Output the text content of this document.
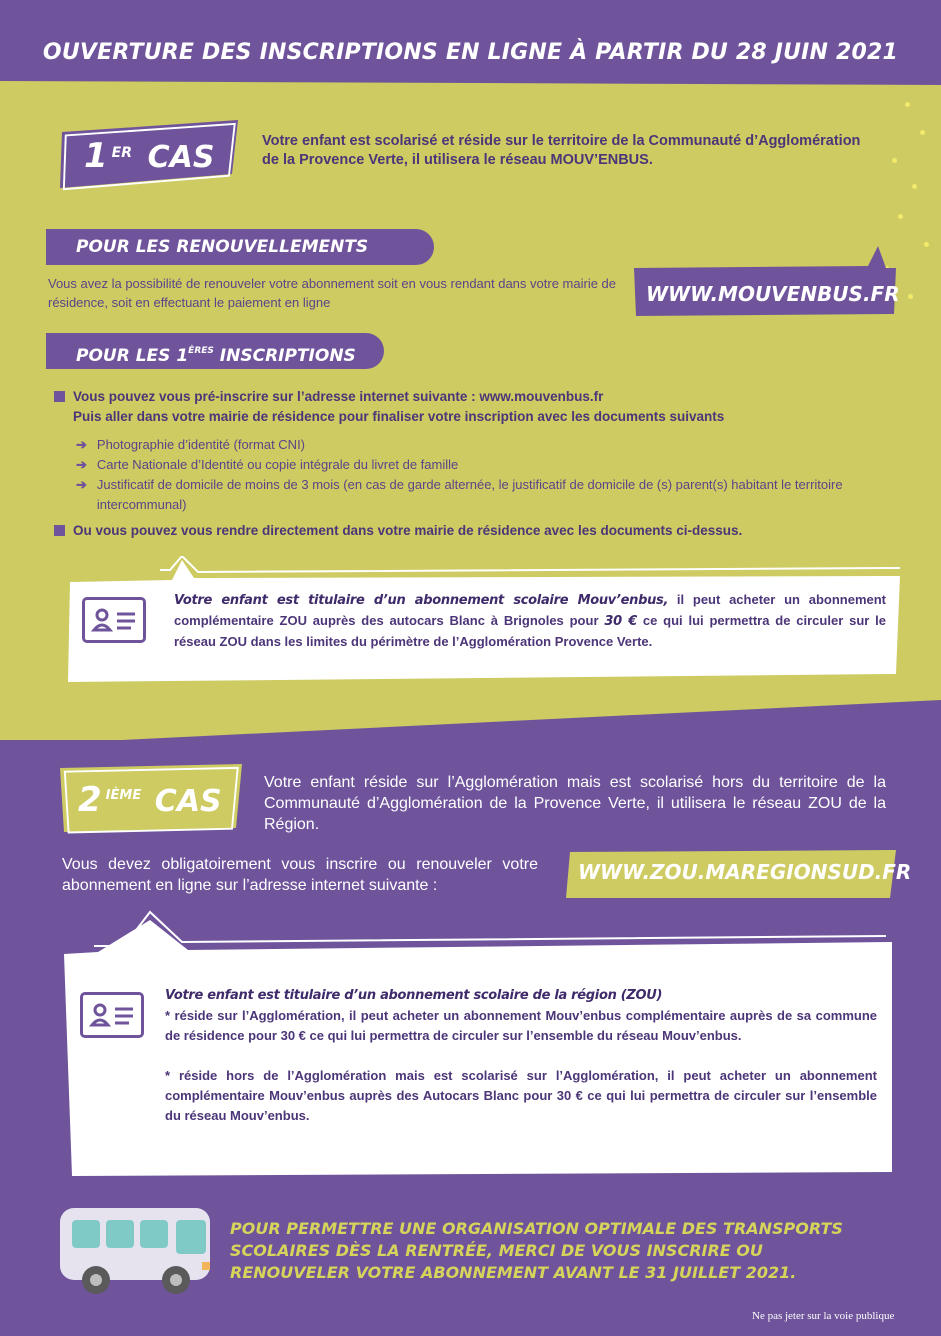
OUVERTURE DES INSCRIPTIONS EN LIGNE À PARTIR DU 28 JUIN 2021
1 ER CAS	Votre enfant est scolarisé et réside sur le territoire de la Communauté d’Agglomération de la Provence Verte, il utilisera le réseau MOUV’ENBUS.
POUR LES RENOUVELLEMENTS
Vous avez la possibilité de renouveler votre abonnement soit en vous rendant dans votre mairie de résidence, soit en effectuant le paiement en ligne	WWW.MOUVENBUS.FR
POUR LES 1ÈRES INSCRIPTIONS
Vous pouvez vous pré-inscrire sur l’adresse internet suivante : www.mouvenbus.fr
Puis aller dans votre mairie de résidence pour finaliser votre inscription avec les documents suivants
➔ Photographie d’identité (format CNI)
➔ Carte Nationale d’Identité ou copie intégrale du livret de famille
➔ Justificatif de domicile de moins de 3 mois (en cas de garde alternée, le justificatif de domicile de (s) parent(s) habitant le territoire intercommunal)
Ou vous pouvez vous rendre directement dans votre mairie de résidence avec les documents ci-dessus.
Votre enfant est titulaire d’un abonnement scolaire Mouv’enbus, il peut acheter un abonnement complémentaire ZOU auprès des autocars Blanc à Brignoles pour 30 € ce qui lui permettra de circuler sur le réseau ZOU dans les limites du périmètre de l’Agglomération Provence Verte.
2 $^{IÈME}$ CAS
Votre enfant réside sur l’Agglomération mais est scolarisé hors du territoire de la Communauté d’Agglomération de la Provence Verte, il utilisera le réseau ZOU de la Région.
Vous devez obligatoirement vous inscrire ou renouveler votre abonnement en ligne sur l’adresse internet suivante :
WWW.ZOU.MAREGIONSUD.FR
Votre enfant est titulaire d’un abonnement scolaire de la région (ZOU)
* réside sur l’Agglomération, il peut acheter un abonnement Mouv’enbus complémentaire auprès de sa commune de résidence pour 30 € ce qui lui permettra de circuler sur l’ensemble du réseau Mouv’enbus.
* réside hors de l’Agglomération mais est scolarisé sur l’Agglomération, il peut acheter un abonnement complémentaire Mouv’enbus auprès des Autocars Blanc pour 30 € ce qui lui permettra de circuler sur l’ensemble du réseau Mouv’enbus.
POUR PERMETTRE UNE ORGANISATION OPTIMALE DES TRANSPORTS SCOLAIRES DÈS LA RENTRÉE, MERCI DE VOUS INSCRIRE OU RENOUVELER VOTRE ABONNEMENT AVANT LE 31 JUILLET 2021.
Ne pas jeter sur la voie publique
